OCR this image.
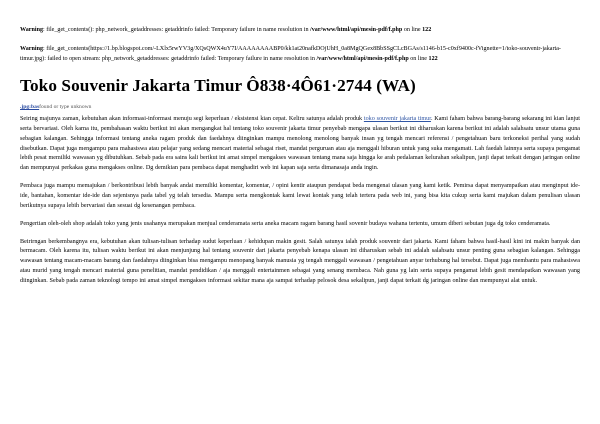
Warning: file_get_contents(): php_network_getaddresses: getaddrinfo failed: Temporary failure in name resolution in /var/www/html/api/mesin-pdf/f.php on line 122
Warning: file_get_contents(https://1.bp.blogspot.com/-LXlx5rwYV3g/XQsQWX4uY7I/AAAAAAAABP0/kk1at20nafkDOjUhH_0a8MgQGex8BbSSgCLcBGAs/s1146-b15-c0xf9400c-fVignette=1/toko-souvenir-jakarta-timur.jpg): failed to open stream: php_network_getaddresses: getaddrinfo failed: Temporary failure in name resolution in /var/www/html/api/mesin-pdf/f.php on line 122
Toko Souvenir Jakarta Timur Ô838·4Ô61·2744 (WA)
.jpg:basfound or type unknown

Seiring majunya zaman, kebutuhan akan informasi-informasi menuju segi keperluan / eksistensi kian cepat. Keliru satunya adalah produk toko souvenir jakarta timur. Kami faham bahwa barang-barang sekarang ini kian lanjut serta bervariasi. Oleh karna itu, pembahasan waktu berikut ini akan mengangkat hal tentang toko souvenir jakarta timur penyebab mengapa ulasan berikut ini diharuskan karena berikut ini adalah salahsatu unsur utama guna sebagian kalangan. Sehingga informasi tentang aneka ragam produk dan faedahnya diinginkan mampu menolong menolong banyak insan yg tengah mencari referensi / pengetahuan baru terkoneksi perihal yang sudah disebutkan. Dapat juga mengampu para mahasiswa atau pelajar yang sedang mencari material sebagai riset, mandat perguruan atau aja menggali hiburan untuk yang suka mengamati. Lah faedah lainnya serta supaya pengamat lebih pesat memiliki wawasan yg dibutuhkan. Sebab pada era sains kali berikut ini amat simpel mengakses wawasan tentang mana saja hingga ke arah pedalaman kelurahan sekalipun, janji dapat terkait dengan jaringan online dan mempunyai perkakas guna mengakses online. Dg demikian para pembaca dapat menghadiri web ini kapan saja serta dimanasaja anda ingin.

Pembaca juga mampu memajukan / berkontribusi lebih banyak andai memiliki komentar, komentar, / opini kentir ataupun pendapat beda mengenai ulasan yang kami ketik. Pemirsa dapat menyampaikan atau menginput ide-ide, bantahan, komentar ide-ide dan sejenisnya pada tabel yg telah tersedia. Mampu serta mengkontak kami lewat kontak yang telah tertera pada web ini, yang bisa kita cukup serta kami majukan dalam penulisan ulasan berikutnya supaya lebih bervariasi dan sesuai dg kesenangan pembaca.

Pengertian oleh-oleh shop adalah toko yang jenis usahanya merupakan menjual cenderamata serta aneka macam ragam barang hasil sovenir budaya wahana tertentu, umum diberi sebutan juga dg toko cenderamata.

Beirirngan berkembangnya era, kebutuhan akan tulisan-tulisan terhadap sudut keperluan / kehidupan makin gesit. Salah satunya ialah produk souvenir dari jakarta. Kami faham bahwa hasil-hasil kini ini makin banyak dan bermacam. Oleh karena itu, tulisan waktu berikut ini akan menjunjung hal tentang souvenir dari jakarta penyebab kenapa ulasan ini diharuskan sebab ini adalah salahsatu unsur penting guna sebagian kalangan. Sehingga wawasan tentang macam-macam barang dan faedahnya diinginkan bisa mengampu menopang banyak manusia yg tengah menggali wawasan / pengetahuan anyar terhubung hal tersebut. Dapat juga membantu para mahasiswa atau murid yang tengah mencari material guna penelitian, mandat pendidikan / aja menggali entertainmen sebagai yang senang membaca. Nah guna yg lain serta supaya pengamat lebih gesit mendapatkan wawasan yang diinginkan. Sebab pada zaman teknologi tempo ini amat simpel mengakses informasi sekitar mana aja sampai terhadap pelosok desa sekalipun, janji dapat terkait dg jaringan online dan mempunyai alat untuk.
